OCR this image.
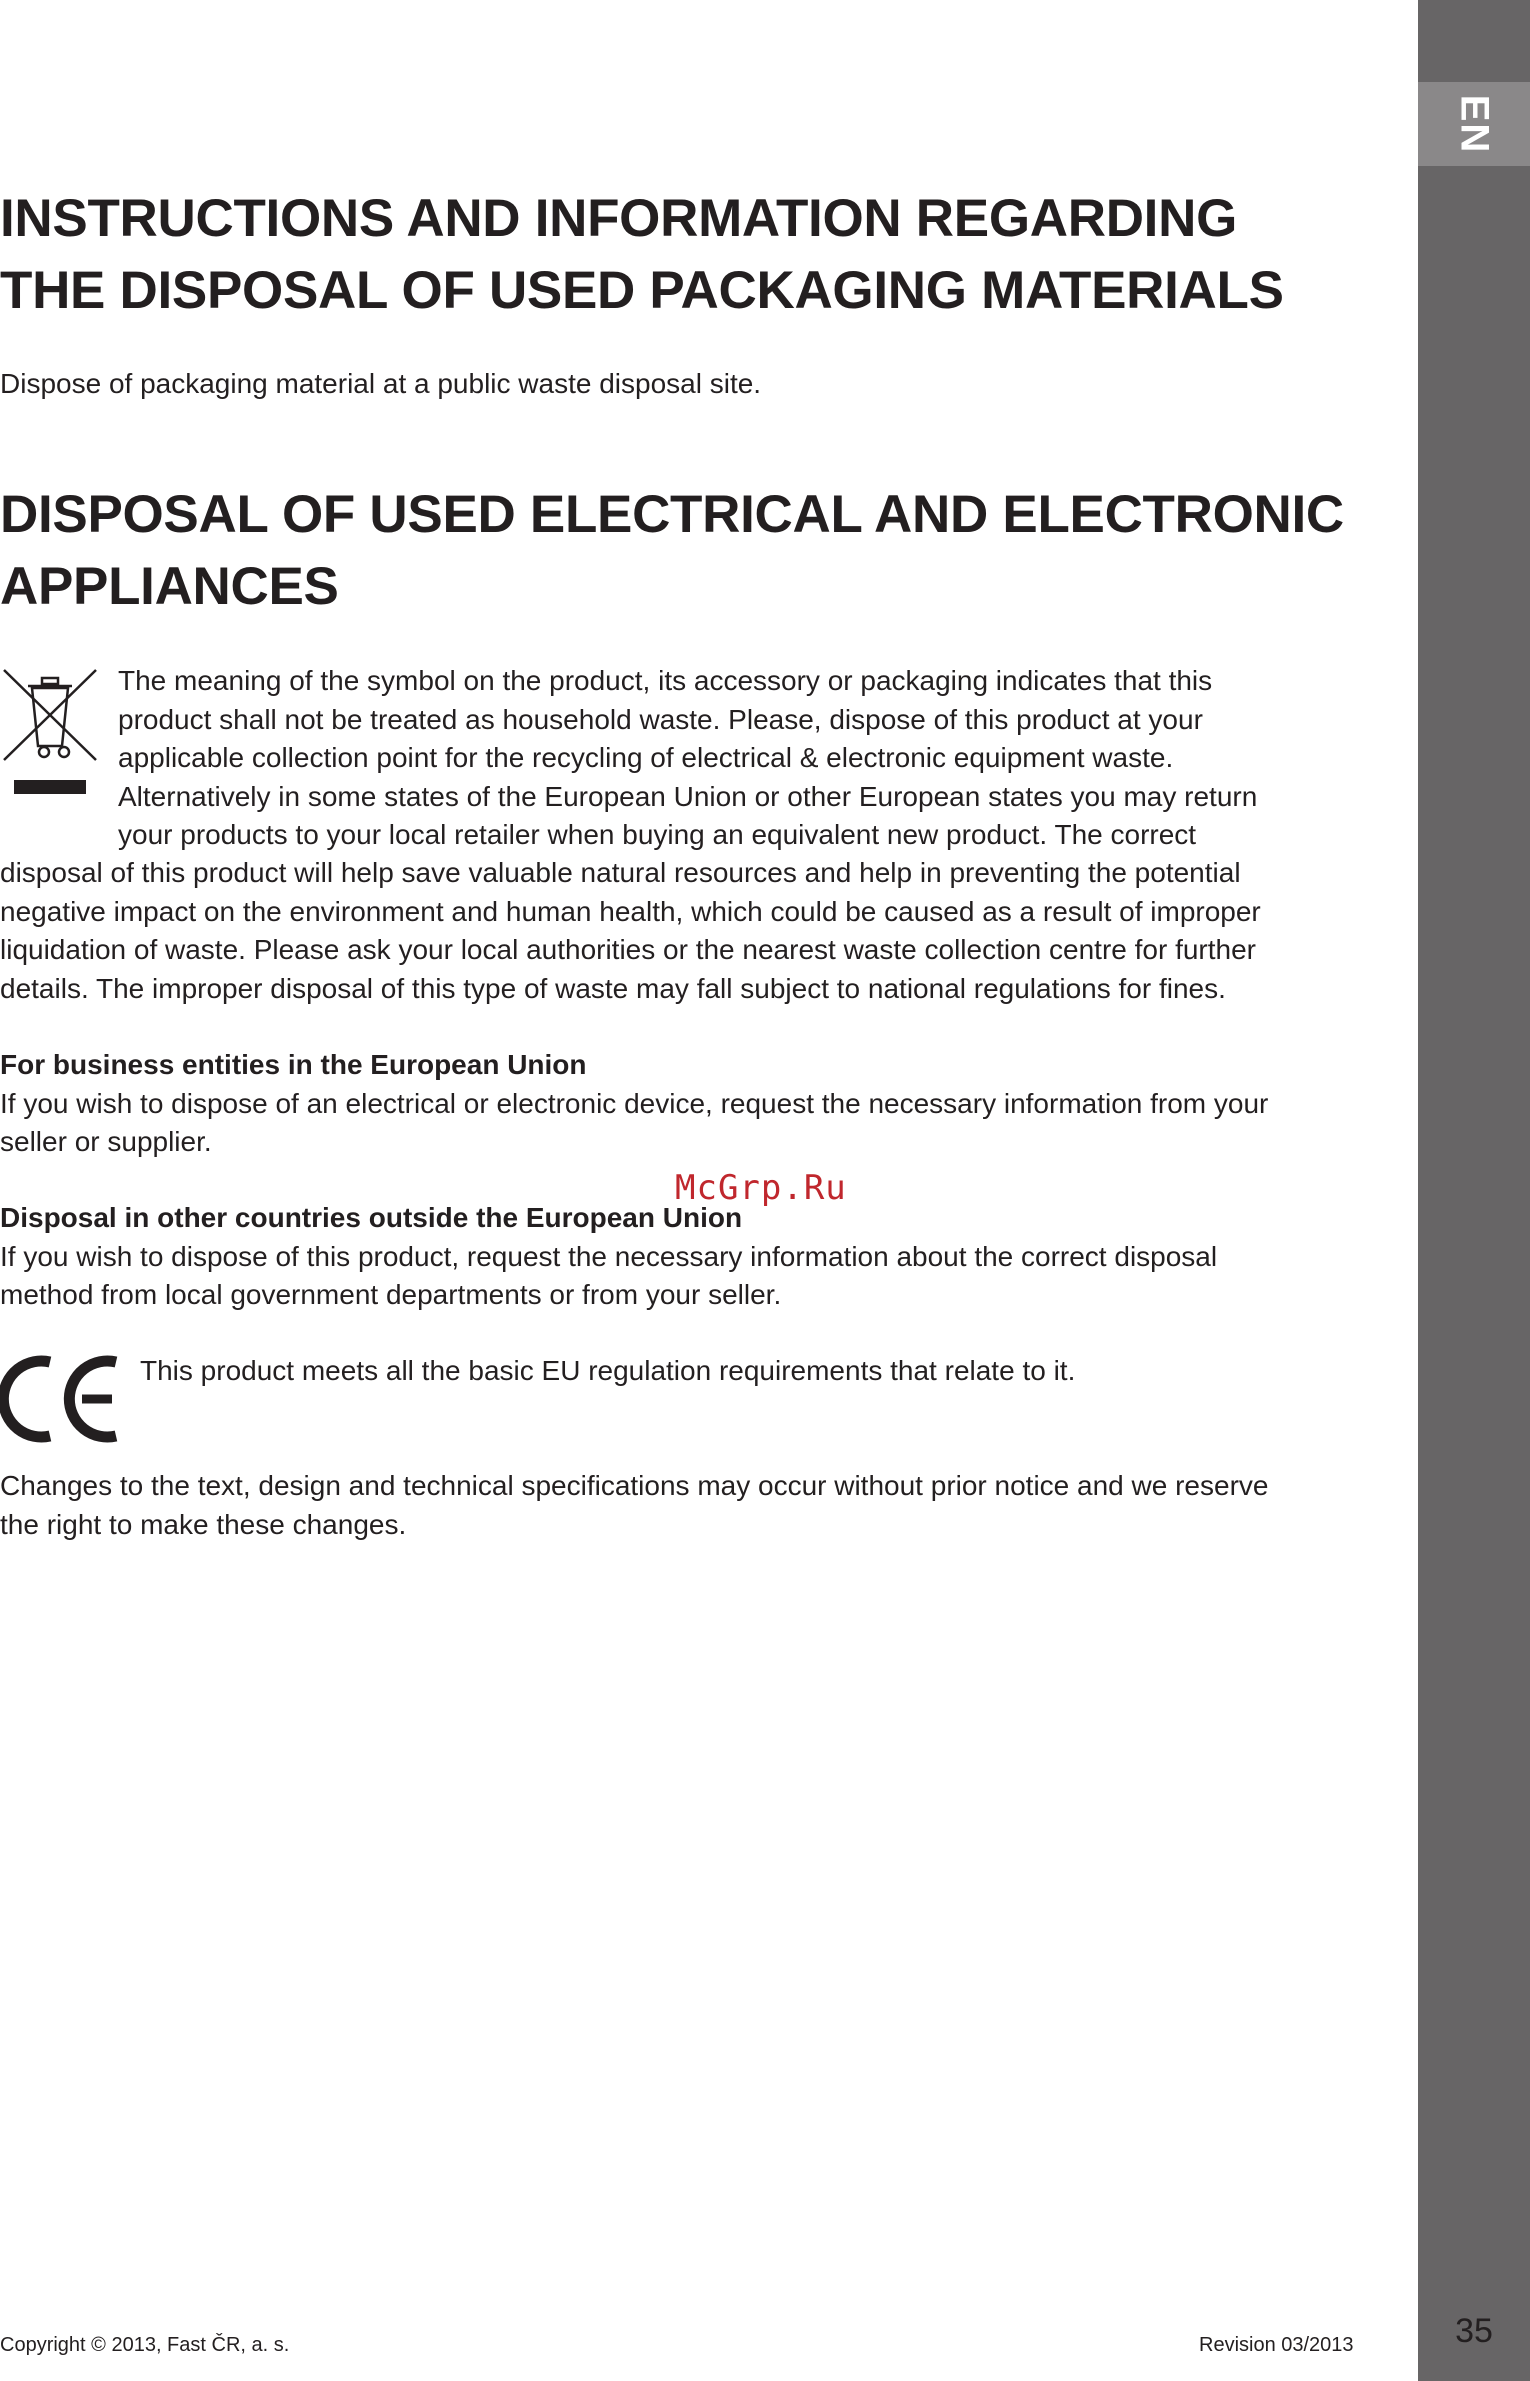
EN
35
INSTRUCTIONS AND INFORMATION REGARDING
THE DISPOSAL OF USED PACKAGING MATERIALS

Dispose of packaging material at a public waste disposal site.

DISPOSAL OF USED ELECTRICAL AND ELECTRONIC
APPLIANCES
The meaning of the symbol on the product, its accessory or packaging indicates that this
product shall not be treated as household waste. Please, dispose of this product at your
applicable collection point for the recycling of electrical & electronic equipment waste.
Alternatively in some states of the European Union or other European states you may return
your products to your local retailer when buying an equivalent new product. The correct
disposal of this product will help save valuable natural resources and help in preventing the potential
negative impact on the environment and human health, which could be caused as a result of improper
liquidation of waste. Please ask your local authorities or the nearest waste collection centre for further
details. The improper disposal of this type of waste may fall subject to national regulations for fines.
For business entities in the European Union
If you wish to dispose of an electrical or electronic device, request the necessary information from your
seller or supplier.
Disposal in other countries outside the European Union
If you wish to dispose of this product, request the necessary information about the correct disposal
method from local government departments or from your seller.

This product meets all the basic EU regulation requirements that relate to it.

Changes to the text, design and technical specifications may occur without prior notice and we reserve
the right to make these changes.
McGrp.Ru
Copyright © 2013, Fast ČR, a. s.	Revision 03/2013
